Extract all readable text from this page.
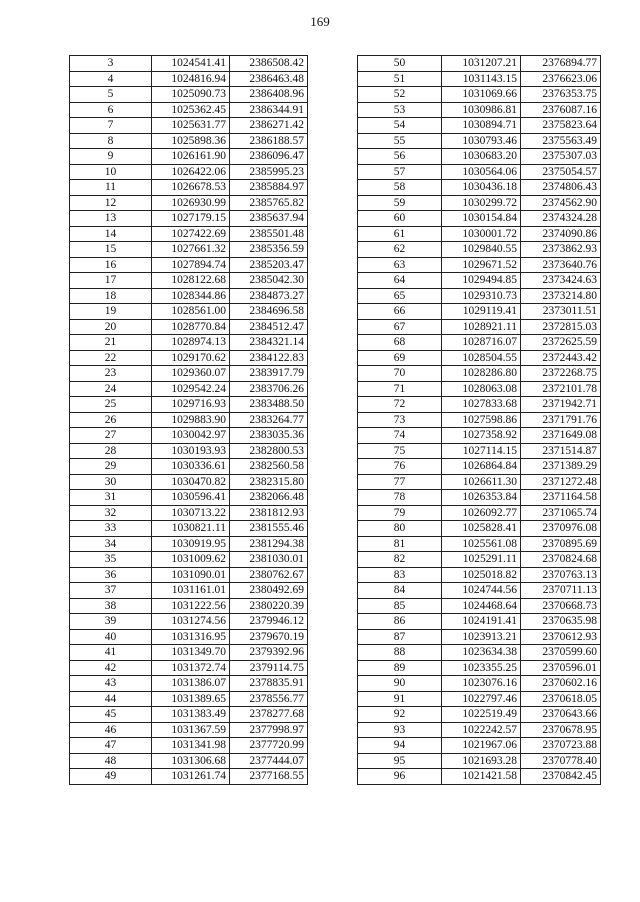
169
3	1024541.41	2386508.42
4	1024816.94	2386463.48
5	1025090.73	2386408.96
6	1025362.45	2386344.91
7	1025631.77	2386271.42
8	1025898.36	2386188.57
9	1026161.90	2386096.47
10	1026422.06	2385995.23
11	1026678.53	2385884.97
12	1026930.99	2385765.82
13	1027179.15	2385637.94
14	1027422.69	2385501.48
15	1027661.32	2385356.59
16	1027894.74	2385203.47
17	1028122.68	2385042.30
18	1028344.86	2384873.27
19	1028561.00	2384696.58
20	1028770.84	2384512.47
21	1028974.13	2384321.14
22	1029170.62	2384122.83
23	1029360.07	2383917.79
24	1029542.24	2383706.26
25	1029716.93	2383488.50
26	1029883.90	2383264.77
27	1030042.97	2383035.36
28	1030193.93	2382800.53
29	1030336.61	2382560.58
30	1030470.82	2382315.80
31	1030596.41	2382066.48
32	1030713.22	2381812.93
33	1030821.11	2381555.46
34	1030919.95	2381294.38
35	1031009.62	2381030.01
36	1031090.01	2380762.67
37	1031161.01	2380492.69
38	1031222.56	2380220.39
39	1031274.56	2379946.12
40	1031316.95	2379670.19
41	1031349.70	2379392.96
42	1031372.74	2379114.75
43	1031386.07	2378835.91
44	1031389.65	2378556.77
45	1031383.49	2378277.68
46	1031367.59	2377998.97
47	1031341.98	2377720.99
48	1031306.68	2377444.07
49	1031261.74	2377168.55
50	1031207.21	2376894.77
51	1031143.15	2376623.06
52	1031069.66	2376353.75
53	1030986.81	2376087.16
54	1030894.71	2375823.64
55	1030793.46	2375563.49
56	1030683.20	2375307.03
57	1030564.06	2375054.57
58	1030436.18	2374806.43
59	1030299.72	2374562.90
60	1030154.84	2374324.28
61	1030001.72	2374090.86
62	1029840.55	2373862.93
63	1029671.52	2373640.76
64	1029494.85	2373424.63
65	1029310.73	2373214.80
66	1029119.41	2373011.51
67	1028921.11	2372815.03
68	1028716.07	2372625.59
69	1028504.55	2372443.42
70	1028286.80	2372268.75
71	1028063.08	2372101.78
72	1027833.68	2371942.71
73	1027598.86	2371791.76
74	1027358.92	2371649.08
75	1027114.15	2371514.87
76	1026864.84	2371389.29
77	1026611.30	2371272.48
78	1026353.84	2371164.58
79	1026092.77	2371065.74
80	1025828.41	2370976.08
81	1025561.08	2370895.69
82	1025291.11	2370824.68
83	1025018.82	2370763.13
84	1024744.56	2370711.13
85	1024468.64	2370668.73
86	1024191.41	2370635.98
87	1023913.21	2370612.93
88	1023634.38	2370599.60
89	1023355.25	2370596.01
90	1023076.16	2370602.16
91	1022797.46	2370618.05
92	1022519.49	2370643.66
93	1022242.57	2370678.95
94	1021967.06	2370723.88
95	1021693.28	2370778.40
96	1021421.58	2370842.45
